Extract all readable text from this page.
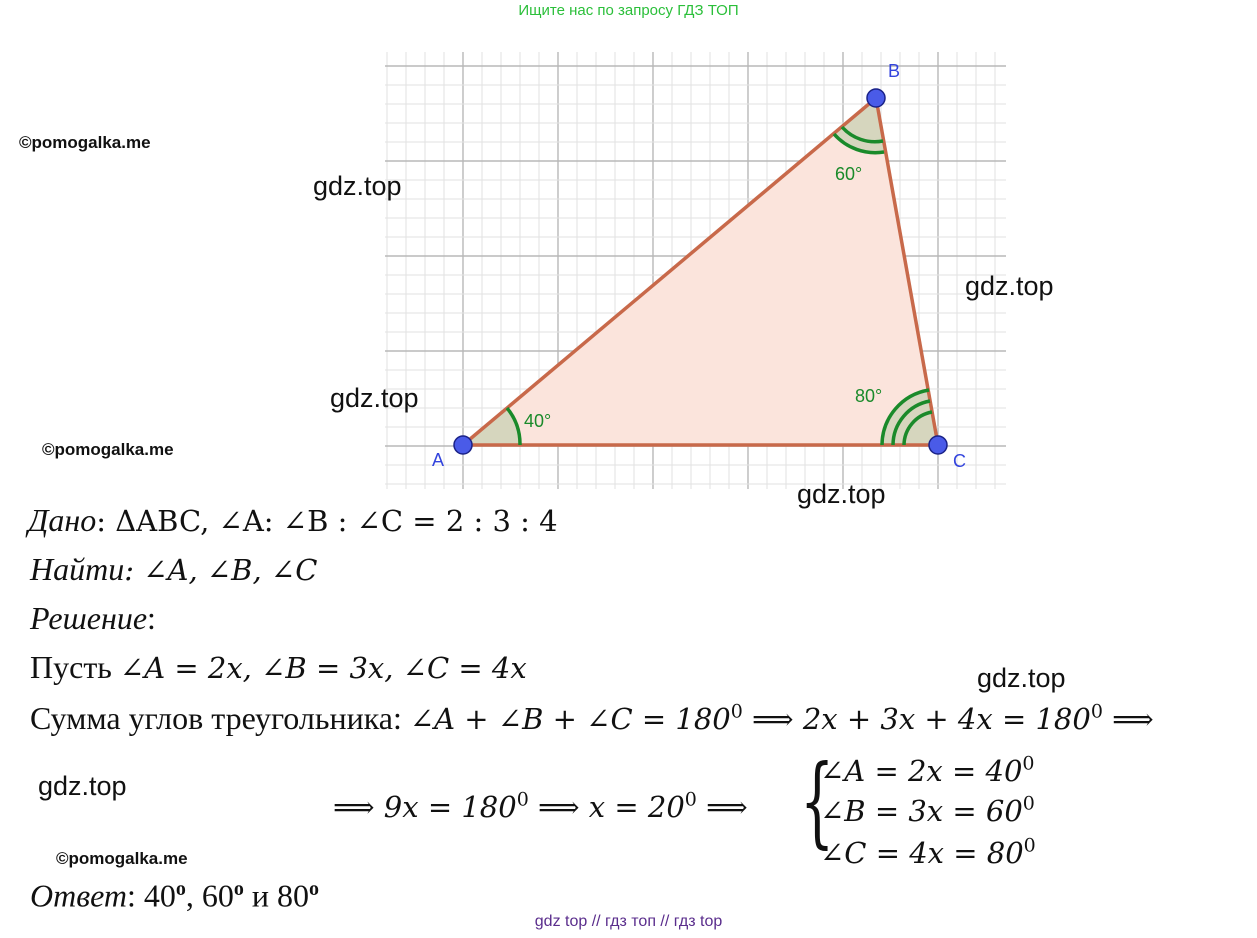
Ищите нас по запросу ГДЗ ТОП
40°
60°
80°
A
B
C
©pomogalka.me
©pomogalka.me
©pomogalka.me
gdz.top
gdz.top
gdz.top
gdz.top
gdz.top
gdz.top
Дано: ΔABC, ∠A: ∠B : ∠C = 2 : 3 : 4
Найти: ∠A, ∠B, ∠C
Решение:
Пусть ∠A = 2x, ∠B = 3x, ∠C = 4x
Сумма углов треугольника: ∠A + ∠B + ∠C = $180^0$ ⟹ $2x + 3x + 4x = 180^0$ ⟹
⟹ $9x = 180^0$ ⟹ $x = 20^0$ ⟹ {
∠A = $2x = 40^0$
∠B = $3x = 60^0$
∠C = $4x = 80^0$
Ответ: 40$^o$, 60$^o$ и 80$^o$
gdz top // гдз топ // гдз top
